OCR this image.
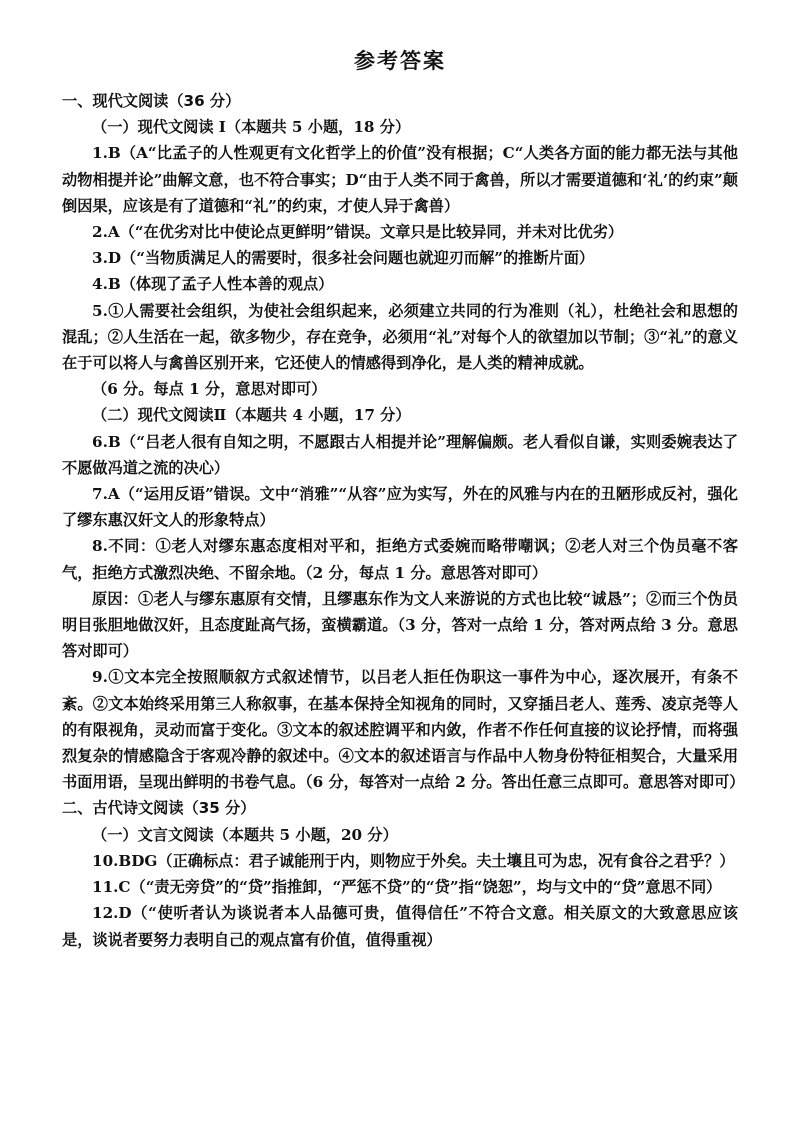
参考答案
一、现代文阅读（36 分）
（一）现代文阅读 I（本题共 5 小题，18 分）
1.B（A“比孟子的人性观更有文化哲学上的价值”没有根据；C“人类各方面的能力都无法与其他动物相提并论”曲解文意，也不符合事实；D“由于人类不同于禽兽，所以才需要道德和‘礼’的约束”颠倒因果，应该是有了道德和“礼”的约束，才使人异于禽兽）
2.A（“在优劣对比中使论点更鲜明”错误。文章只是比较异同，并未对比优劣）
3.D（“当物质满足人的需要时，很多社会问题也就迎刃而解”的推断片面）
4.B（体现了孟子人性本善的观点）
5.①人需要社会组织，为使社会组织起来，必须建立共同的行为准则（礼），杜绝社会和思想的混乱；②人生活在一起，欲多物少，存在竞争，必须用“礼”对每个人的欲望加以节制；③“礼”的意义在于可以将人与禽兽区别开来，它还使人的情感得到净化，是人类的精神成就。
（6 分。每点 1 分，意思对即可）
（二）现代文阅读Ⅱ（本题共 4 小题，17 分）
6.B（“吕老人很有自知之明，不愿跟古人相提并论”理解偏颇。老人看似自谦，实则委婉表达了不愿做冯道之流的决心）
7.A（“运用反语”错误。文中“消雅”“从容”应为实写，外在的风雅与内在的丑陋形成反衬，强化了缪东惠汉奸文人的形象特点）
8.不同：①老人对缪东惠态度相对平和，拒绝方式委婉而略带嘲讽；②老人对三个伪员毫不客气，拒绝方式激烈决绝、不留余地。（2 分，每点 1 分。意思答对即可）
原因：①老人与缪东惠原有交情，且缪惠东作为文人来游说的方式也比较“诚恳”；②而三个伪员明目张胆地做汉奸，且态度趾高气扬，蛮横霸道。（3 分，答对一点给 1 分，答对两点给 3 分。意思答对即可）
9.①文本完全按照顺叙方式叙述情节，以吕老人拒任伪职这一事件为中心，逐次展开，有条不紊。②文本始终采用第三人称叙事，在基本保持全知视角的同时，又穿插吕老人、莲秀、凌京尧等人的有限视角，灵动而富于变化。③文本的叙述腔调平和内敛，作者不作任何直接的议论抒情，而将强烈复杂的情感隐含于客观冷静的叙述中。④文本的叙述语言与作品中人物身份特征相契合，大量采用书面用语，呈现出鲜明的书卷气息。（6 分，每答对一点给 2 分。答出任意三点即可。意思答对即可）
二、古代诗文阅读（35 分）
（一）文言文阅读（本题共 5 小题，20 分）
10.BDG（正确标点：君子诚能刑于内，则物应于外矣。夫土壤且可为忠，况有食谷之君乎？）
11.C（“责无旁贷”的“贷”指推卸，“严惩不贷”的“贷”指“饶恕”，均与文中的“贷”意思不同）
12.D（“使听者认为谈说者本人品德可贵，值得信任”不符合文意。相关原文的大致意思应该是，谈说者要努力表明自己的观点富有价值，值得重视）
